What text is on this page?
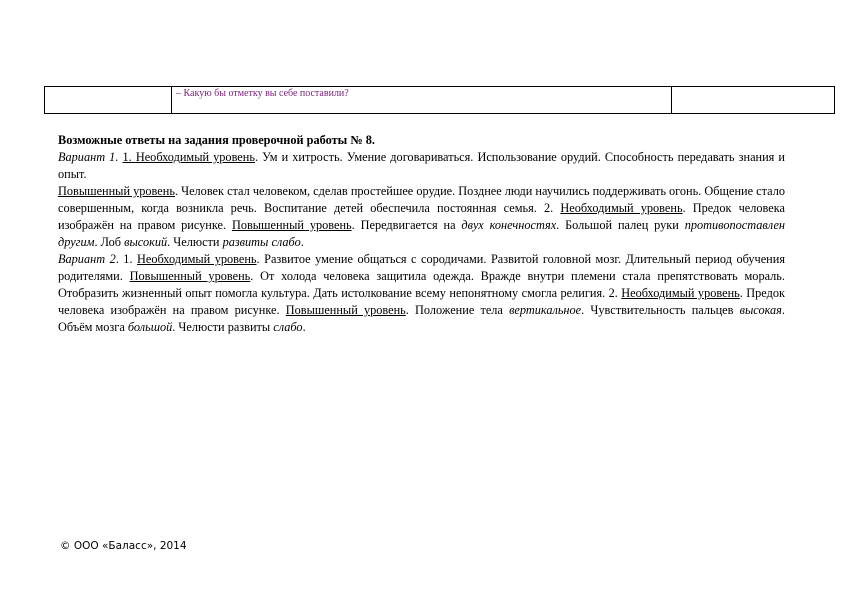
	– Какую бы отметку вы себе поставили?	

Возможные ответы на задания проверочной работы № 8.

Вариант 1. 1. Необходимый уровень. Ум и хитрость. Умение договариваться. Использование орудий. Способность передавать знания и опыт.

Повышенный уровень. Человек стал человеком, сделав простейшее орудие. Позднее люди научились поддерживать огонь. Общение стало совершенным, когда возникла речь. Воспитание детей обеспечила постоянная семья. 2. Необходимый уровень. Предок человека изображён на правом рисунке. Повышенный уровень. Передвигается на двух конечностях. Большой палец руки противопоставлен другим. Лоб высокий. Челюсти развиты слабо.

Вариант 2. 1. Необходимый уровень. Развитое умение общаться с сородичами. Развитой головной мозг. Длительный период обучения родителями. Повышенный уровень. От холода человека защитила одежда. Вражде внутри племени стала препятствовать мораль. Отобразить жизненный опыт помогла культура. Дать истолкование всему непонятному смогла религия. 2. Необходимый уровень. Предок человека изображён на правом рисунке. Повышенный уровень. Положение тела вертикальное. Чувствительность пальцев высокая. Объём мозга большой. Челюсти развиты слабо.

© ООО «Баласс», 2014
